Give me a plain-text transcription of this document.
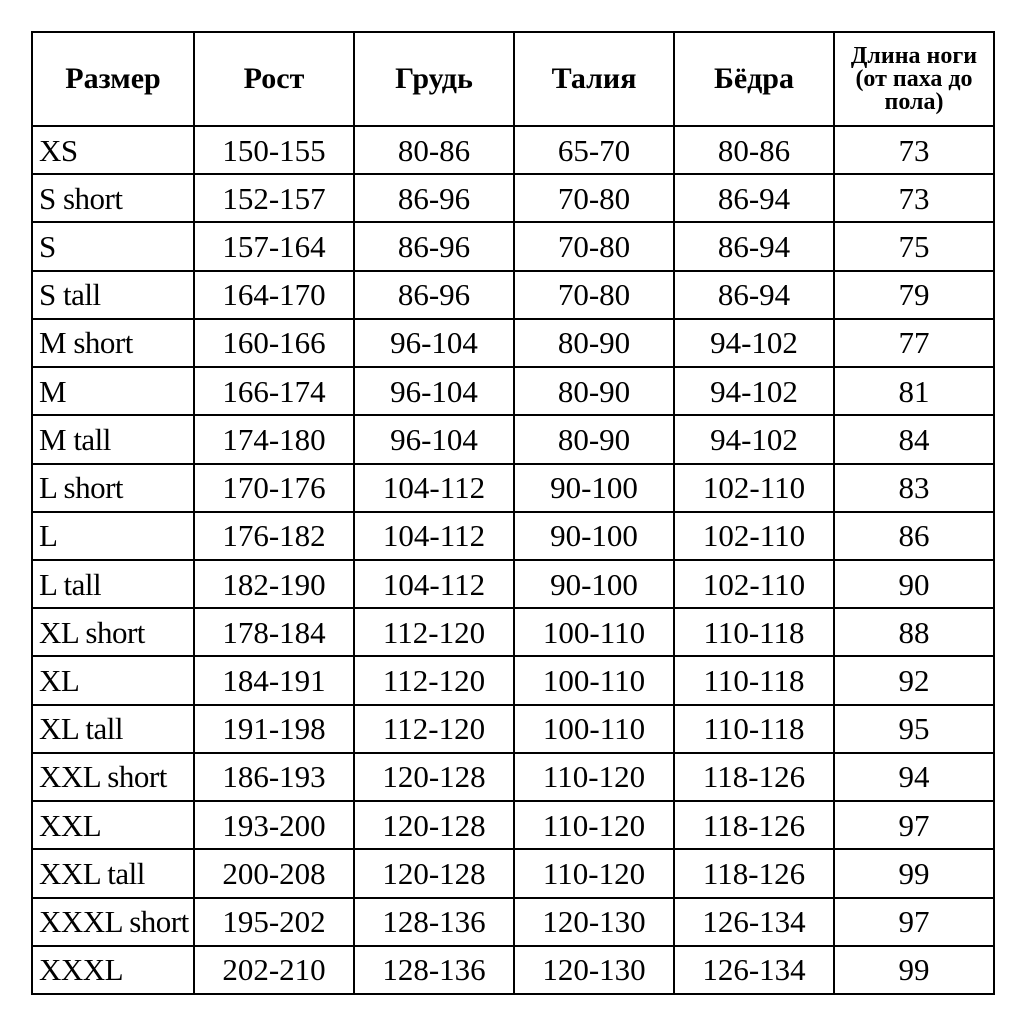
Размер	Рост	Грудь	Талия	Бёдра	Длина ноги (от паха до пола)
XS	150-155	80-86	65-70	80-86	73
S short	152-157	86-96	70-80	86-94	73
S	157-164	86-96	70-80	86-94	75
S tall	164-170	86-96	70-80	86-94	79
M short	160-166	96-104	80-90	94-102	77
M	166-174	96-104	80-90	94-102	81
M tall	174-180	96-104	80-90	94-102	84
L short	170-176	104-112	90-100	102-110	83
L	176-182	104-112	90-100	102-110	86
L tall	182-190	104-112	90-100	102-110	90
XL short	178-184	112-120	100-110	110-118	88
XL	184-191	112-120	100-110	110-118	92
XL tall	191-198	112-120	100-110	110-118	95
XXL short	186-193	120-128	110-120	118-126	94
XXL	193-200	120-128	110-120	118-126	97
XXL tall	200-208	120-128	110-120	118-126	99
XXXL short	195-202	128-136	120-130	126-134	97
XXXL	202-210	128-136	120-130	126-134	99
